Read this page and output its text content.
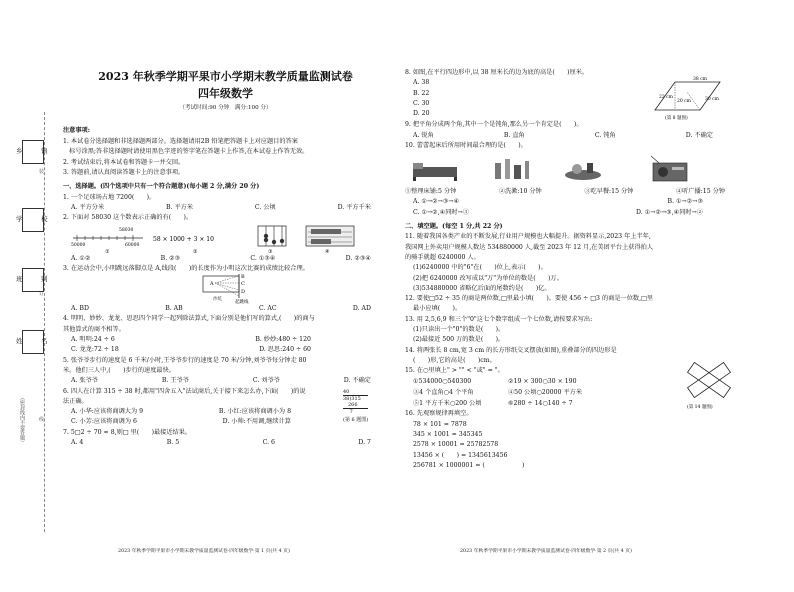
乡　镇
学　校
班　别
姓　名
装
订
线
（密封线内不要答题）
2023 年秋季学期平果市小学期末教学质量监测试卷
四年级数学
（考试时间:90 分钟　满分:100 分）
注意事项:
1. 本试卷分选择题和非选择题两部分。选择题请用2B 铅笔把答题卡上对应题目的答案
　标号涂黑;答非选择题时请使用黑色字迹的签字笔在答题卡上作答,在本试卷上作答无效。
2. 考试结束后,将本试卷和答题卡一并交回。
3. 答题前,请认真阅读答题卡上的注意事项。
一、选择题。(四个选项中只有一个符合题意)(每小题 2 分,满分 20 分)
1. 一个足球场占地 7200(　　)。
A. 平方分米	B. 平方米	C. 公顷	D. 平方千米
2. 下面对 58030 这个数表示正确的有(　　)。
58030
50000	60000
①
58 × 1000 + 3 × 10
②	③	④
A. ①②	B. ②③	C. ①③④	D. ②③④
3. 在运动会中,小明跳远落脚点是 A,线段(　　)的长度作为小明这次比赛的成绩比较合理。
A
B
C
D
沙坑
起跳线
A. BD	B. AB	C. AC	D. AD
4. 明明、妙妙、龙龙、思思四个同学一起列除法算式,下面分别是他们写的算式,(　　)的商与
其他算式的商不相等。
A. 明明:24 ÷ 6	B. 妙妙:480 ÷ 120
C. 龙龙:72 ÷ 18	D. 思思:240 ÷ 60
5. 张爷爷步行的速度是 6 千米/小时,王爷爷步行的速度是 70 米/分钟,刘爷爷每分钟走 80
米。他们三人中,(　　)步行的速度最快。
A. 张爷爷	B. 王爷爷	C. 刘爷爷	D. 不确定
6. 四人在计算 315 ÷ 38 时,都用"四舍五入"法试商后,关于接下来怎么办,下面(　　)的说
法正确。
A. 小华:应该将商调大为 9	B. 小红:应该将商调小为 8
C. 小芳:应该将商调为 6	D. 小帅:不用调,继续计算
40
38)315
　266
　 7
(第 6 题图)
7. 5□2 ÷ 70 ≈ 8,则□ 里(　　)最接近结果。
A. 4	B. 5	C. 6	D. 7
2023 年秋季学期平果市小学期末教学质量监测试卷·四年级数学·第 1 页(共 4 页)
8. 如图,在平行四边形中,以 38 厘米长的边为底的高是(　　)厘米。
A. 38
B. 22
C. 30
D. 20
38 cm
30 cm
22 cm
20 cm
(第 8 题图)
9. 把平角分成两个角,其中一个是钝角,那么另一个肯定是(　　)。
A. 锐角	B. 直角	C. 钝角	D. 不确定
10. 蕾蕾起床后所用时间最合理的是(　　)。
①整理床铺:5 分钟	②洗漱:10 分钟	③吃早餐:15 分钟	④听广播:15 分钟
A. ①→②→③→④	B. ①→②→③
C. ①→②,④同时→③	D. ①→②→③,④同时→②
二、填空题。(每空 1 分,共 22 分)
11. 随着我国各类产业的不断发展,行业用户规模也大幅提升。据资料显示,2023 年上半年,
我国网上外卖用户规模人数达 534880000 人,截至 2023 年 12 月,在美团平台上获得拍人
的骑手就超 6240000 人。
(1)6240000 中的"6"在(　　)位上,表示(　　)。
(2)把 6240000 改写成以"万"为单位的数是(　　)万。
(3)534880000 省略亿后面的尾数约是(　　)亿。
12. 要使□52 ÷ 35 的商是两位数,□里最小填(　　)。要使 456 ÷ □3 的商是一位数,□里
最小应填(　　)。
13. 用 2,5,6,9 和三个"0"这七个数字组成一个七位数,请按要求写出:
(1)只读出一个"0"的数是(　　)。
(2)最接近 500 万的数是(　　)。
14. 将两张长 8 cm,宽 3 cm 的长方形纸交叉摆放(如图),重叠部分的四边形是
(　　)形,它的高是(　　)cm。
(第 14 题图)
15. 在○里填上" > "" < "或" = "。
①534000○540300	②19 × 300○30 × 190
③4 个直角○4 个平角	④50 公顷○20000 平方米
⑤1 平方千米○200 公顷	⑥280 ÷ 14○140 ÷ 7
16. 先观察规律再填空。
78 × 101 = 7878
345 × 1001 = 345345
2578 × 10001 = 25782578
13456 × (　　) = 1345613456
256781 × 1000001 = (　　　　　　)
2023 年秋季学期平果市小学期末教学质量监测试卷·四年级数学·第 2 页(共 4 页)
